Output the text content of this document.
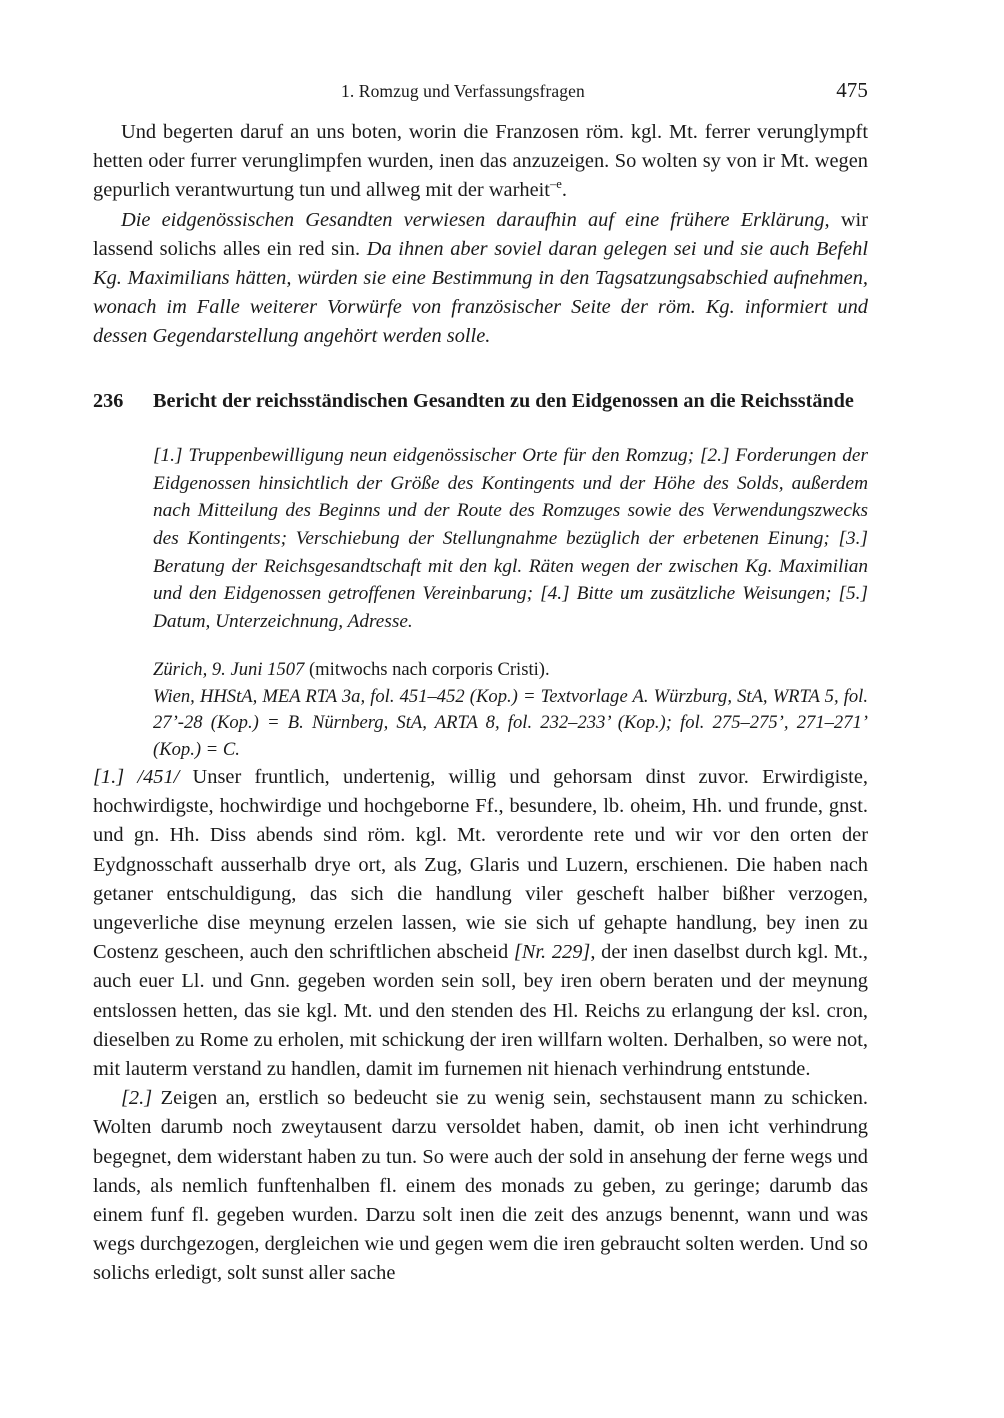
1. Romzug und Verfassungsfragen	475

Und begerten daruf an uns boten, worin die Franzosen röm. kgl. Mt. ferrer verunglympft hetten oder furrer verunglimpfen wurden, inen das anzuzeigen. So wolten sy von ir Mt. wegen gepurlich verantwurtung tun und allweg mit der warheit$^{-e}$.

Die eidgenössischen Gesandten verwiesen daraufhin auf eine frühere Erklärung, wir lassend solichs alles ein red sin. Da ihnen aber soviel daran gelegen sei und sie auch Befehl Kg. Maximilians hätten, würden sie eine Bestimmung in den Tagsatzungsabschied aufnehmen, wonach im Falle weiterer Vorwürfe von französischer Seite der röm. Kg. informiert und dessen Gegendarstellung angehört werden solle.

236	Bericht der reichsständischen Gesandten zu den Eidgenossen an die Reichsstände
[1.] Truppenbewilligung neun eidgenössischer Orte für den Romzug; [2.] Forderungen der Eidgenossen hinsichtlich der Größe des Kontingents und der Höhe des Solds, außerdem nach Mitteilung des Beginns und der Route des Romzuges sowie des Verwendungszwecks des Kontingents; Verschiebung der Stellungnahme bezüglich der erbetenen Einung; [3.] Beratung der Reichsgesandtschaft mit den kgl. Räten wegen der zwischen Kg. Maximilian und den Eidgenossen getroffenen Vereinbarung; [4.] Bitte um zusätzliche Weisungen; [5.] Datum, Unterzeichnung, Adresse.
Zürich, 9. Juni 1507 (mitwochs nach corporis Cristi).
Wien, HHStA, MEA RTA 3a, fol. 451–452 (Kop.) = Textvorlage A. Würzburg, StA, WRTA 5, fol. 27’-28 (Kop.) = B. Nürnberg, StA, ARTA 8, fol. 232–233’ (Kop.); fol. 275–275’, 271–271’ (Kop.) = C.

[1.] /451/ Unser fruntlich, undertenig, willig und gehorsam dinst zuvor. Erwirdigiste, hochwirdigste, hochwirdige und hochgeborne Ff., besundere, lb. oheim, Hh. und frunde, gnst. und gn. Hh. Diss abends sind röm. kgl. Mt. verordente rete und wir vor den orten der Eydgnosschaft ausserhalb drye ort, als Zug, Glaris und Luzern, erschienen. Die haben nach getaner entschuldigung, das sich die handlung viler gescheft halber bißher verzogen, ungeverliche dise meynung erzelen lassen, wie sie sich uf gehapte handlung, bey inen zu Costenz gescheen, auch den schriftlichen abscheid [Nr. 229], der inen daselbst durch kgl. Mt., auch euer Ll. und Gnn. gegeben worden sein soll, bey iren obern beraten und der meynung entslossen hetten, das sie kgl. Mt. und den stenden des Hl. Reichs zu erlangung der ksl. cron, dieselben zu Rome zu erholen, mit schickung der iren willfarn wolten. Derhalben, so were not, mit lauterm verstand zu handlen, damit im furnemen nit hienach verhindrung entstunde.

[2.] Zeigen an, erstlich so bedeucht sie zu wenig sein, sechstausent mann zu schicken. Wolten darumb noch zweytausent darzu versoldet haben, damit, ob inen icht verhindrung begegnet, dem widerstant haben zu tun. So were auch der sold in ansehung der ferne wegs und lands, als nemlich funftenhalben fl. einem des monads zu geben, zu geringe; darumb das einem funf fl. gegeben wurden. Darzu solt inen die zeit des anzugs benennt, wann und was wegs durchgezogen, dergleichen wie und gegen wem die iren gebraucht solten werden. Und so solichs erledigt, solt sunst aller sache
